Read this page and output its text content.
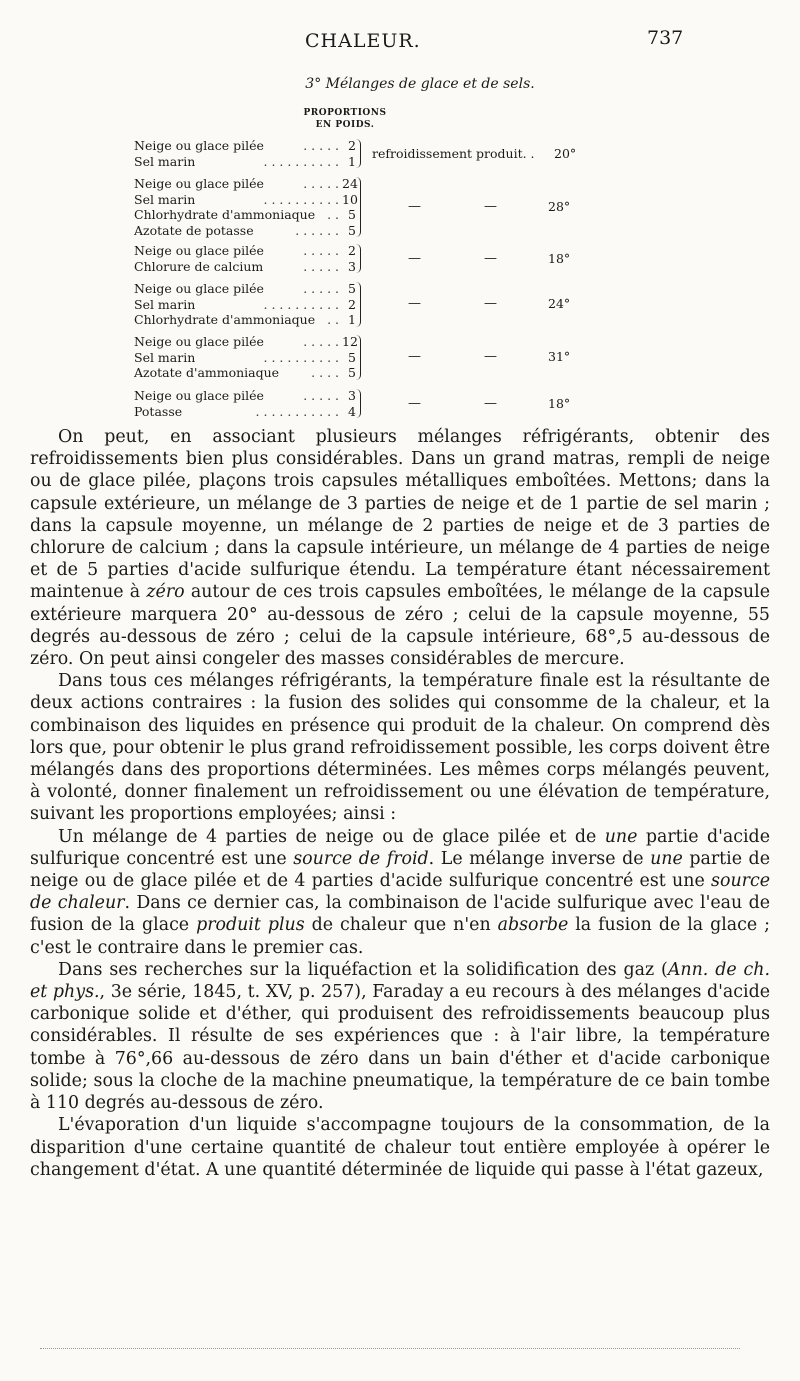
CHALEUR.	737
3° Mélanges de glace et de sels.
PROPORTIONS
EN POIDS.
. . . . .
Neige ou glace pilée	2
. . . . . . . . . .
Sel marin	1
refroidissement produit. . 20°
. . . . .
Neige ou glace pilée	24
. . . . . . . . . .
Sel marin	10
. .
Chlorhydrate d'ammoniaque	5
. . . . . .
Azotate de potasse	5
—	—	28°
. . . . .
Neige ou glace pilée	2
. . . . .
Chlorure de calcium	3
—	—	18°
. . . . .
Neige ou glace pilée	5
. . . . . . . . . .
Sel marin	2
. .
Chlorhydrate d'ammoniaque	1
—	—	24°
. . . . .
Neige ou glace pilée	12
. . . . . . . . . .
Sel marin	5
. . . .
Azotate d'ammoniaque	5
—	—	31°
. . . . .
Neige ou glace pilée	3
. . . . . . . . . . .
Potasse	4
—	—	18°

On peut, en associant plusieurs mélanges réfrigérants, obtenir des refroidissements bien plus considérables. Dans un grand matras, rempli de neige ou de glace pilée, plaçons trois capsules métalliques emboîtées. Mettons; dans la capsule extérieure, un mélange de 3 parties de neige et de 1 partie de sel marin ; dans la capsule moyenne, un mélange de 2 parties de neige et de 3 parties de chlorure de calcium ; dans la capsule intérieure, un mélange de 4 parties de neige et de 5 parties d'acide sulfurique étendu. La température étant nécessairement maintenue à zéro autour de ces trois capsules emboîtées, le mélange de la capsule extérieure marquera 20° au-dessous de zéro ; celui de la capsule moyenne, 55 degrés au-dessous de zéro ; celui de la capsule intérieure, 68°,5 au-dessous de zéro. On peut ainsi congeler des masses considérables de mercure.

Dans tous ces mélanges réfrigérants, la température finale est la résultante de deux actions contraires : la fusion des solides qui consomme de la chaleur, et la combinaison des liquides en présence qui produit de la chaleur. On comprend dès lors que, pour obtenir le plus grand refroidissement possible, les corps doivent être mélangés dans des proportions déterminées. Les mêmes corps mélangés peuvent, à volonté, donner finalement un refroidissement ou une élévation de température, suivant les proportions employées; ainsi :

Un mélange de 4 parties de neige ou de glace pilée et de une partie d'acide sulfurique concentré est une source de froid. Le mélange inverse de une partie de neige ou de glace pilée et de 4 parties d'acide sulfurique concentré est une source de chaleur. Dans ce dernier cas, la combinaison de l'acide sulfurique avec l'eau de fusion de la glace produit plus de chaleur que n'en absorbe la fusion de la glace ; c'est le contraire dans le premier cas.

Dans ses recherches sur la liquéfaction et la solidification des gaz (Ann. de ch. et phys., 3e série, 1845, t. XV, p. 257), Faraday a eu recours à des mélanges d'acide carbonique solide et d'éther, qui produisent des refroidissements beaucoup plus considérables. Il résulte de ses expériences que : à l'air libre, la température tombe à 76°,66 au-dessous de zéro dans un bain d'éther et d'acide carbonique solide; sous la cloche de la machine pneumatique, la température de ce bain tombe à 110 degrés au-dessous de zéro.

L'évaporation d'un liquide s'accompagne toujours de la consommation, de la disparition d'une certaine quantité de chaleur tout entière employée à opérer le changement d'état. A une quantité déterminée de liquide qui passe à l'état gazeux,
